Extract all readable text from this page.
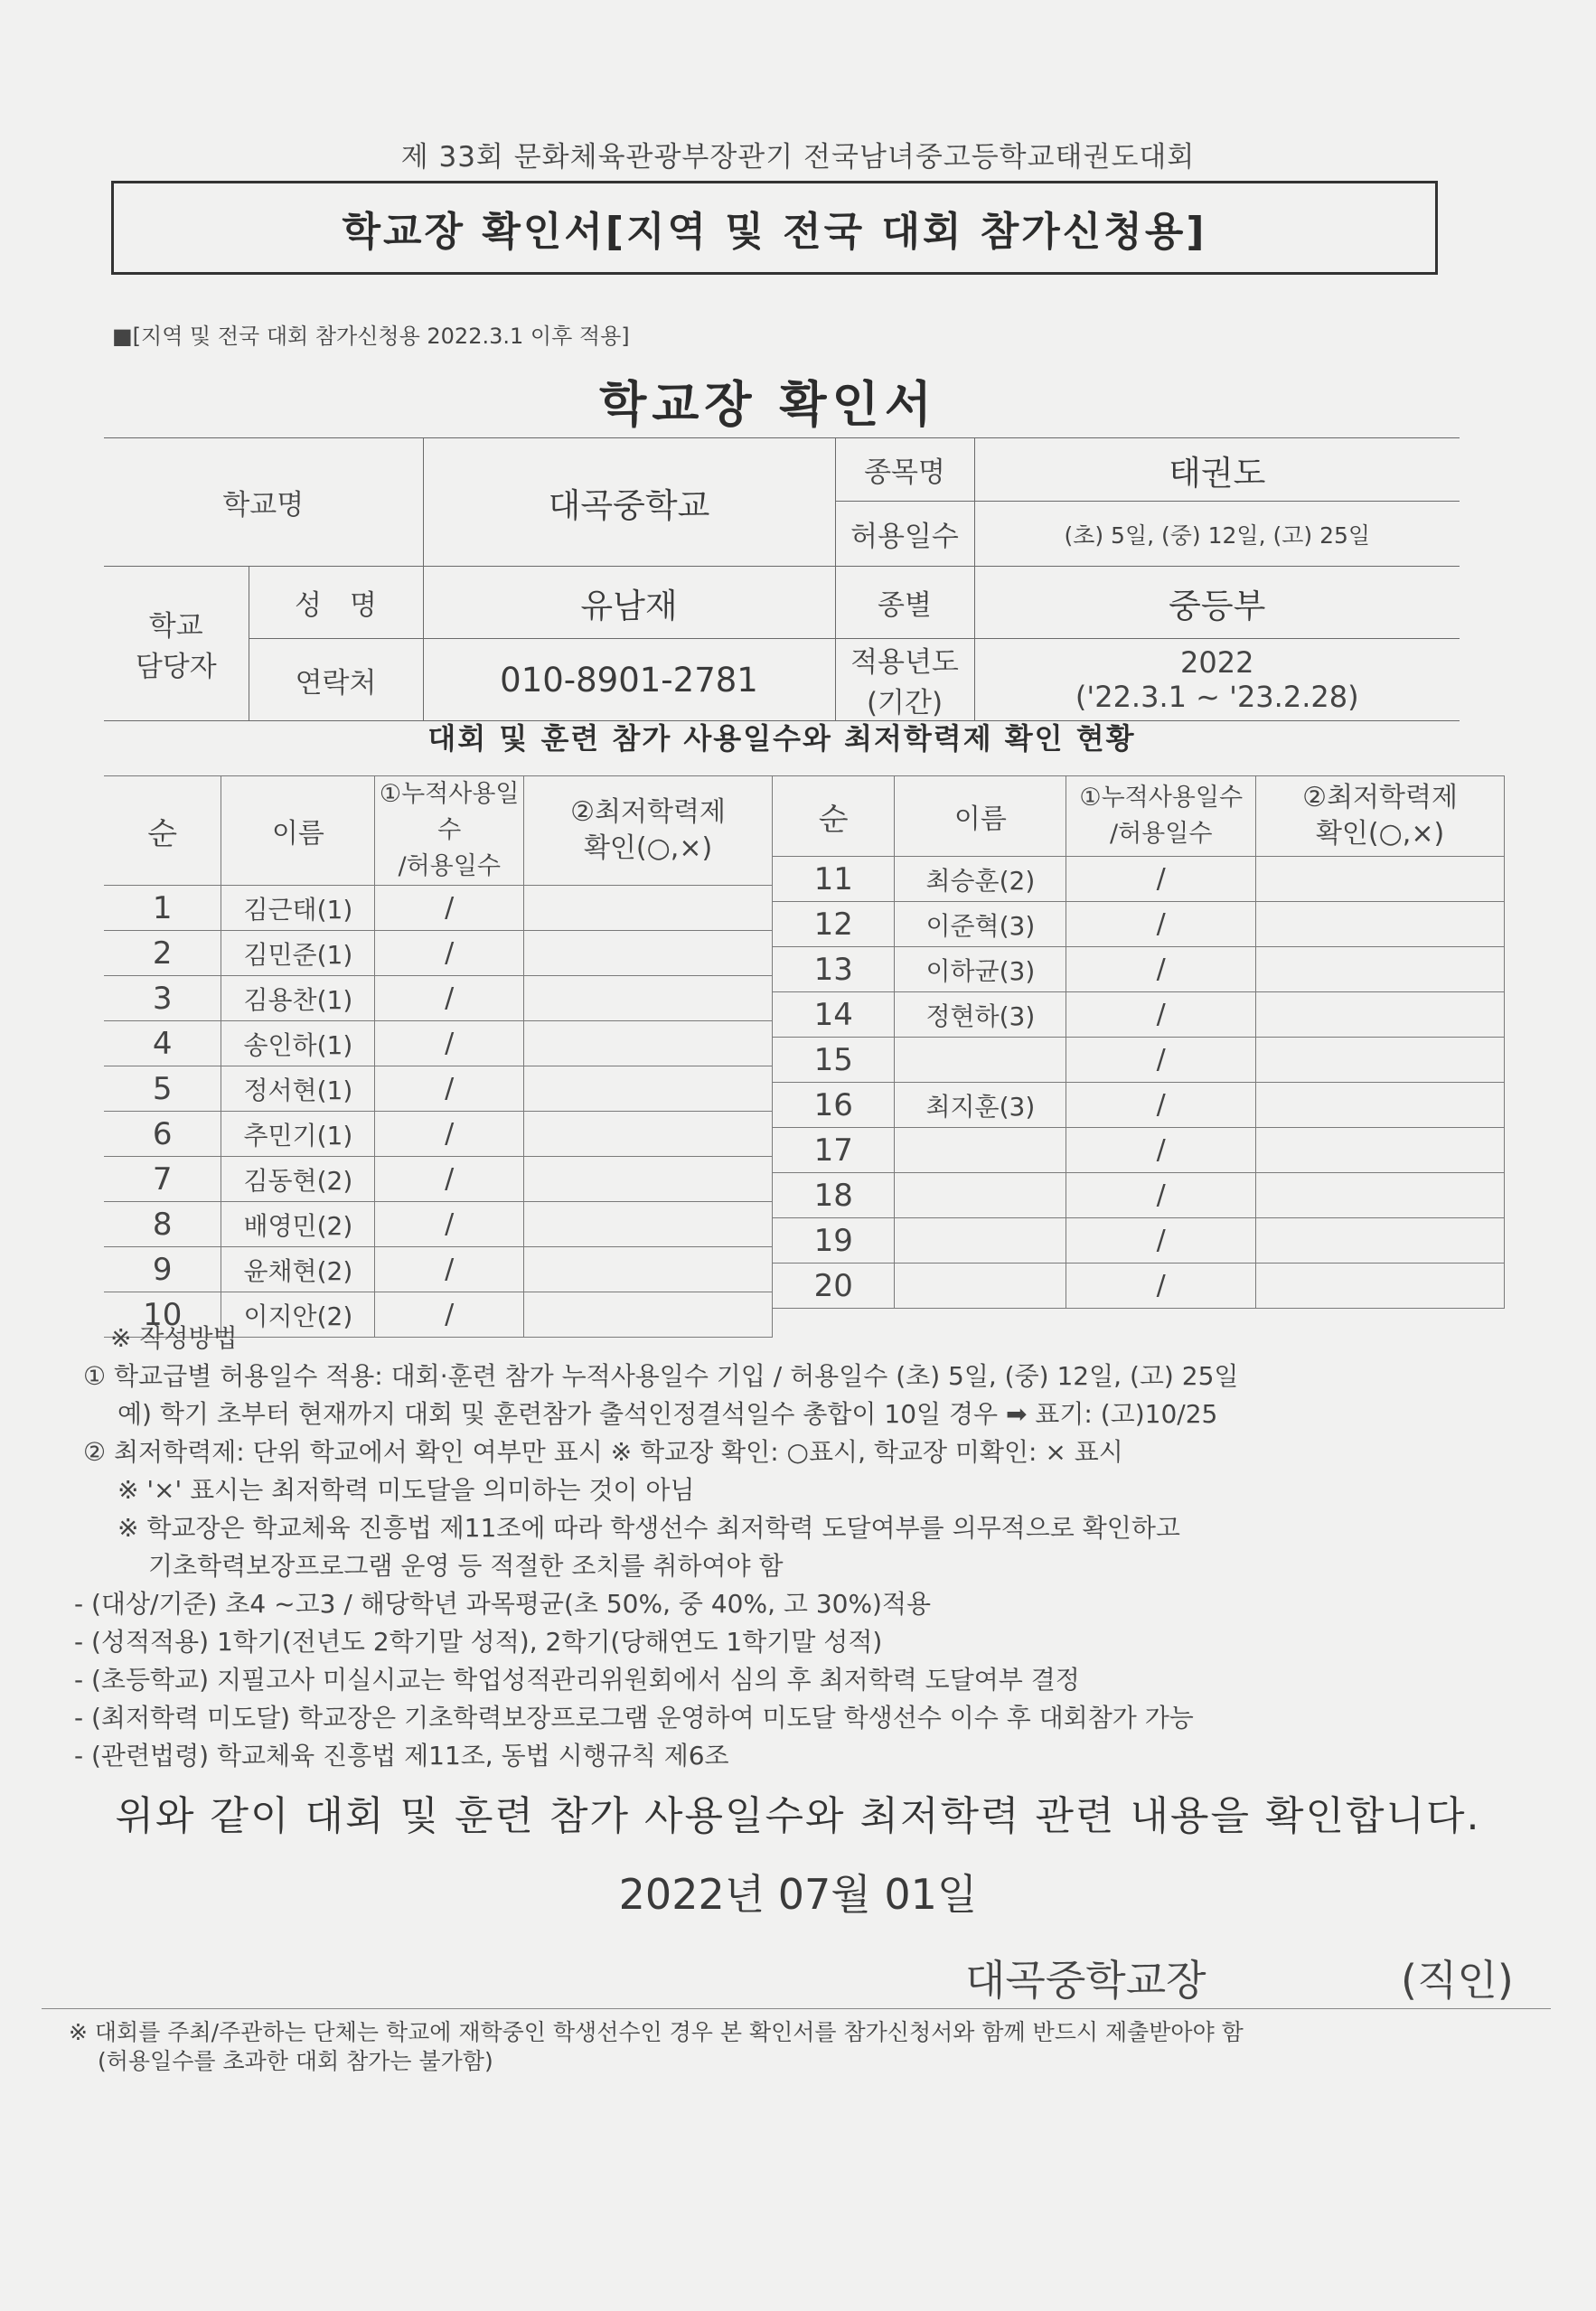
제 33회 문화체육관광부장관기 전국남녀중고등학교태권도대회
학교장 확인서[지역 및 전국 대회 참가신청용]
■[지역 및 전국 대회 참가신청용 2022.3.1 이후 적용]
학교장 확인서
학교명		대곡중학교	종목명	태권도
			허용일수	(초) 5일, (중) 12일, (고) 25일
학교
담당자	성　명	유남재	종별	중등부
	연락처	010-8901-2781	적용년도
(기간)	2022
('22.3.1 ~ '23.2.28)
대회 및 훈련 참가 사용일수와 최저학력제 확인 현황
순	이름	①누적사용일수
/허용일수	②최저학력제
확인(○,×)
1	김근태(1)	/	
2	김민준(1)	/	
3	김용찬(1)	/	
4	송인하(1)	/	
5	정서현(1)	/	
6	추민기(1)	/	
7	김동현(2)	/	
8	배영민(2)	/	
9	윤채현(2)	/	
10	이지안(2)	/	
순	이름	①누적사용일수
/허용일수	②최저학력제
확인(○,×)
11	최승훈(2)	/	
12	이준혁(3)	/	
13	이하균(3)	/	
14	정현하(3)	/	
15		/	
16	최지훈(3)	/	
17		/	
18		/	
19		/	
20		/	
※ 작성방법
① 학교급별 허용일수 적용: 대회·훈련 참가 누적사용일수 기입 / 허용일수 (초) 5일, (중) 12일, (고) 25일
예) 학기 초부터 현재까지 대회 및 훈련참가 출석인정결석일수 총합이 10일 경우 ➡ 표기: (고)10/25
② 최저학력제: 단위 학교에서 확인 여부만 표시 ※ 학교장 확인: ○표시, 학교장 미확인: × 표시
※ '×' 표시는 최저학력 미도달을 의미하는 것이 아님
※ 학교장은 학교체육 진흥법 제11조에 따라 학생선수 최저학력 도달여부를 의무적으로 확인하고
기초학력보장프로그램 운영 등 적절한 조치를 취하여야 함
- (대상/기준) 초4 ~고3 / 해당학년 과목평균(초 50%, 중 40%, 고 30%)적용
- (성적적용) 1학기(전년도 2학기말 성적), 2학기(당해연도 1학기말 성적)
- (초등학교) 지필고사 미실시교는 학업성적관리위원회에서 심의 후 최저학력 도달여부 결정
- (최저학력 미도달) 학교장은 기초학력보장프로그램 운영하여 미도달 학생선수 이수 후 대회참가 가능
- (관련법령) 학교체육 진흥법 제11조, 동법 시행규칙 제6조
위와 같이 대회 및 훈련 참가 사용일수와 최저학력 관련 내용을 확인합니다.
2022년 07월 01일
대곡중학교장	(직인)
※ 대회를 주최/주관하는 단체는 학교에 재학중인 학생선수인 경우 본 확인서를 참가신청서와 함께 반드시 제출받아야 함
(허용일수를 초과한 대회 참가는 불가함)
